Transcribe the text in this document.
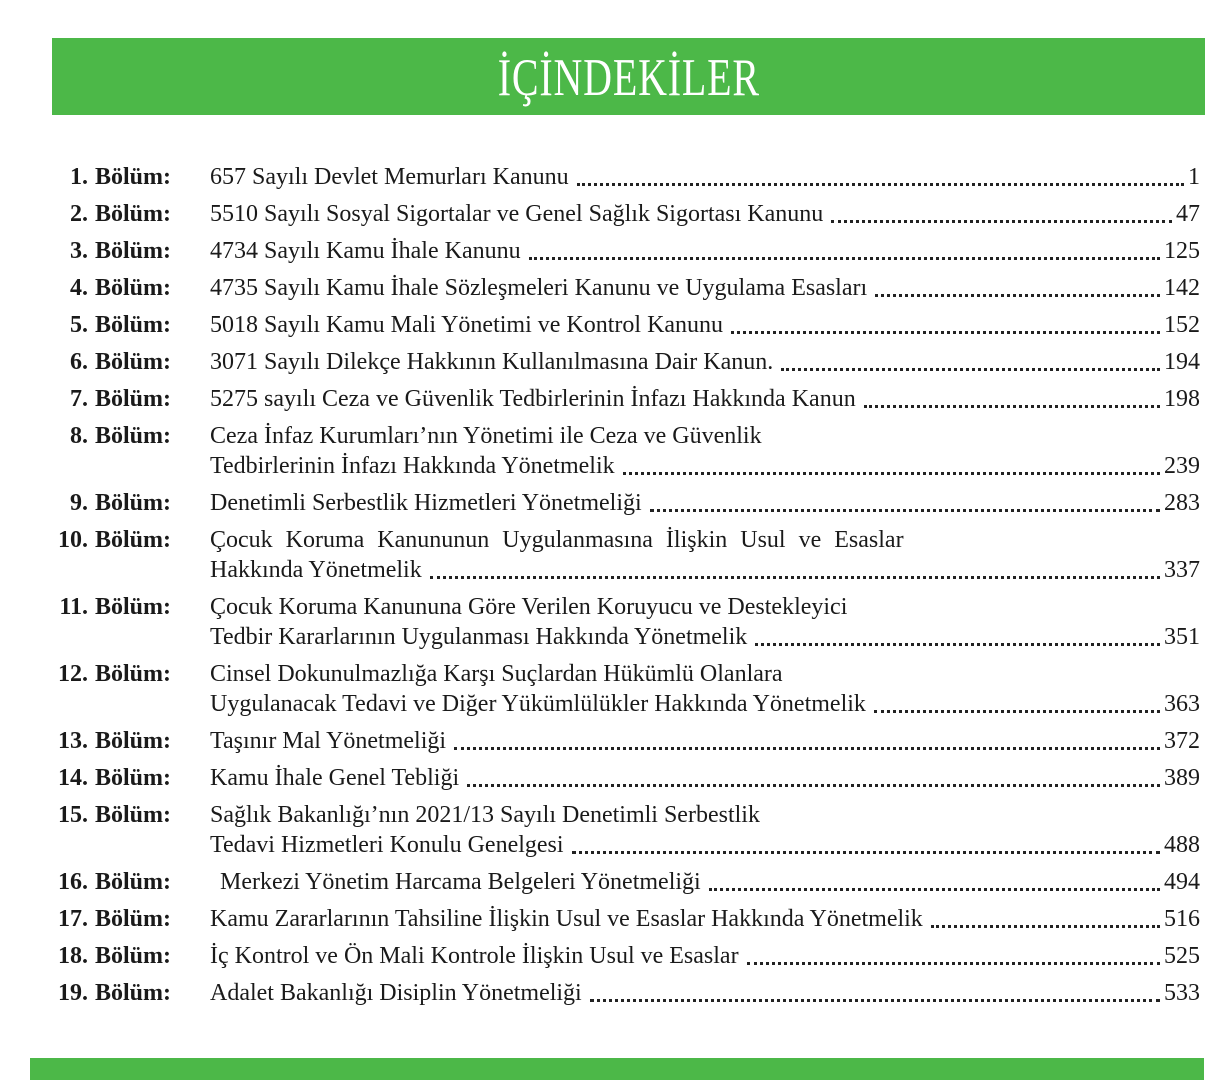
İÇİNDEKİLER
1. Bölüm: 657 Sayılı Devlet Memurları Kanunu	1
2. Bölüm: 5510 Sayılı Sosyal Sigortalar ve Genel Sağlık Sigortası Kanunu	47
3. Bölüm: 4734 Sayılı Kamu İhale Kanunu	125
4. Bölüm: 4735 Sayılı Kamu İhale Sözleşmeleri Kanunu ve Uygulama Esasları	142
5. Bölüm: 5018 Sayılı Kamu Mali Yönetimi ve Kontrol Kanunu	152
6. Bölüm: 3071 Sayılı Dilekçe Hakkının Kullanılmasına Dair Kanun.	194
7. Bölüm: 5275 sayılı Ceza ve Güvenlik Tedbirlerinin İnfazı Hakkında Kanun	198
8. Bölüm: Ceza İnfaz Kurumları’nın Yönetimi ile Ceza ve Güvenlik
Tedbirlerinin İnfazı Hakkında Yönetmelik	239
9. Bölüm: Denetimli Serbestlik Hizmetleri Yönetmeliği	283
10. Bölüm: Çocuk Koruma Kanununun Uygulanmasına İlişkin Usul ve Esaslar
Hakkında Yönetmelik	337
11. Bölüm: Çocuk Koruma Kanununa Göre Verilen Koruyucu ve Destekleyici
Tedbir Kararlarının Uygulanması Hakkında Yönetmelik	351
12. Bölüm: Cinsel Dokunulmazlığa Karşı Suçlardan Hükümlü Olanlara
Uygulanacak Tedavi ve Diğer Yükümlülükler Hakkında Yönetmelik	363
13. Bölüm: Taşınır Mal Yönetmeliği	372
14. Bölüm: Kamu İhale Genel Tebliği	389
15. Bölüm: Sağlık Bakanlığı’nın 2021/13 Sayılı Denetimli Serbestlik
Tedavi Hizmetleri Konulu Genelgesi	488
16. Bölüm:	Merkezi Yönetim Harcama Belgeleri Yönetmeliği	494
17. Bölüm: Kamu Zararlarının Tahsiline İlişkin Usul ve Esaslar Hakkında Yönetmelik	516
18. Bölüm: İç Kontrol ve Ön Mali Kontrole İlişkin Usul ve Esaslar	525
19. Bölüm: Adalet Bakanlığı Disiplin Yönetmeliği	533
